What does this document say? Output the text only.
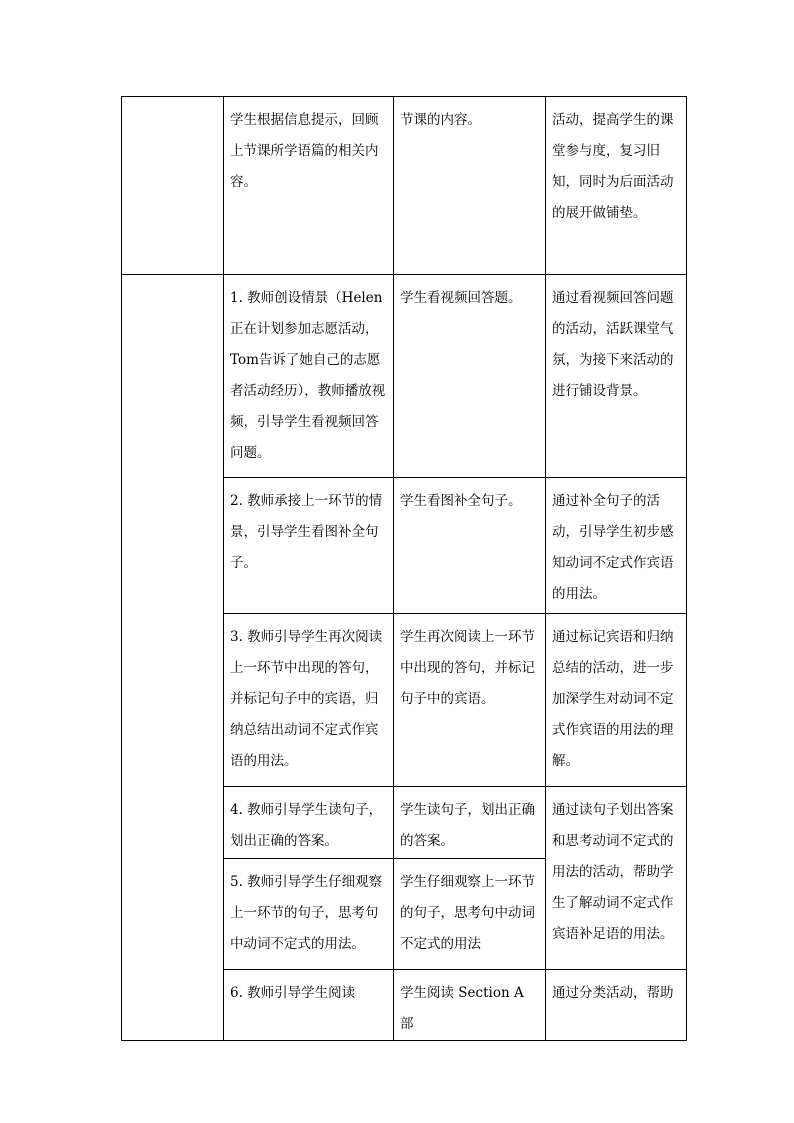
	学生根据信息提示，回顾上节课所学语篇的相关内容。	节课的内容。	活动，提高学生的课堂参与度，复习旧知，同时为后面活动的展开做铺垫。
	1. 教师创设情景（Helen正在计划参加志愿活动，Tom告诉了她自己的志愿者活动经历），教师播放视频，引导学生看视频回答问题。	学生看视频回答题。	通过看视频回答问题的活动，活跃课堂气氛，为接下来活动的进行铺设背景。
	2. 教师承接上一环节的情景，引导学生看图补全句子。	学生看图补全句子。	通过补全句子的活动，引导学生初步感知动词不定式作宾语的用法。
	3. 教师引导学生再次阅读上一环节中出现的答句，并标记句子中的宾语，归纳总结出动词不定式作宾语的用法。	学生再次阅读上一环节中出现的答句，并标记句子中的宾语。	通过标记宾语和归纳总结的活动，进一步加深学生对动词不定式作宾语的用法的理解。
	4. 教师引导学生读句子，划出正确的答案。	学生读句子，划出正确的答案。	通过读句子划出答案和思考动词不定式的用法的活动，帮助学生了解动词不定式作宾语补足语的用法。
	5. 教师引导学生仔细观察上一环节的句子，思考句中动词不定式的用法。	学生仔细观察上一环节的句子，思考句中动词不定式的用法	
	6. 教师引导学生阅读	学生阅读 Section A 部	通过分类活动，帮助
